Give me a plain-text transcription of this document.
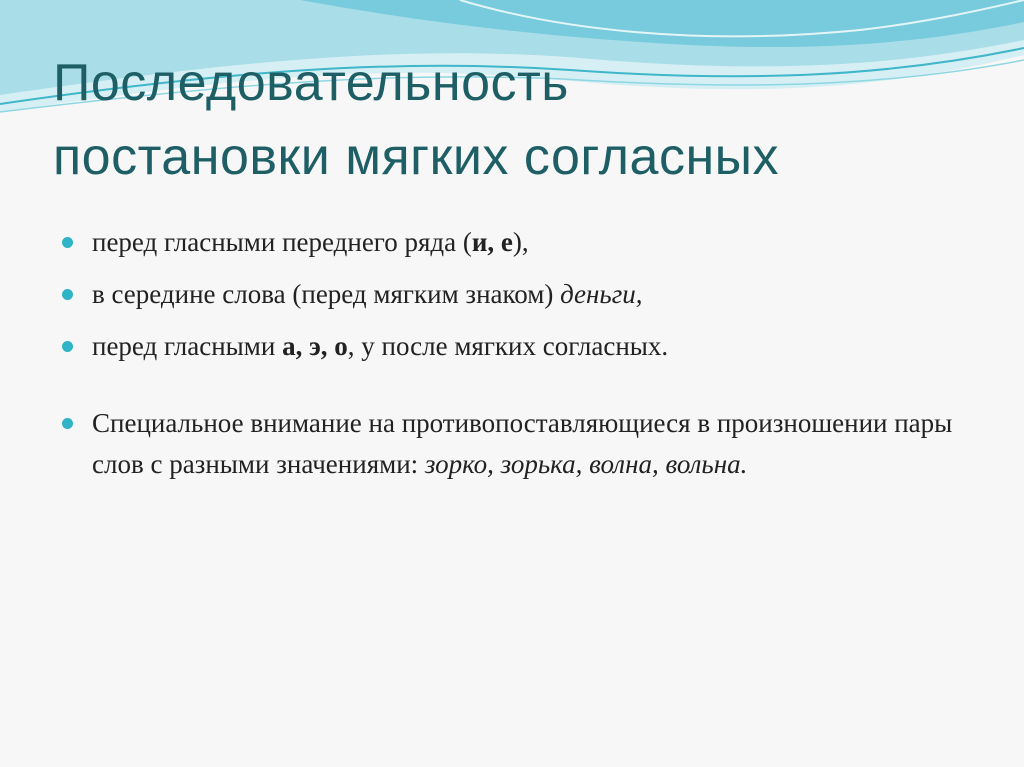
Последовательность
постановки мягких согласных
перед гласными переднего ряда (и, е),
в середине слова (перед мягким знаком) деньги,
перед гласными а, э, о, у после мягких согласных.
Специальное внимание на противопоставляющиеся в произношении пары слов с разными значениями: зорко, зорька, волна, вольна.
